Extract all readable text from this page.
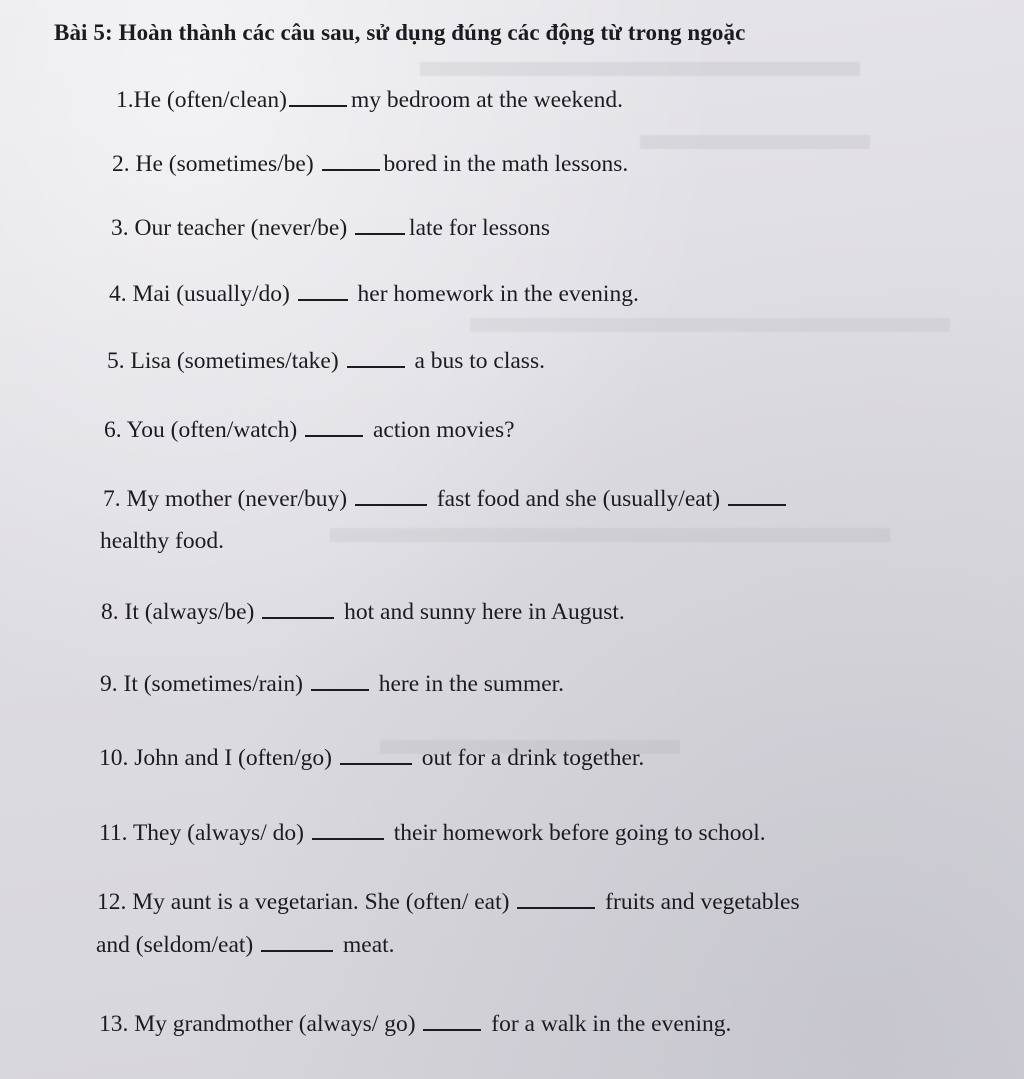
Bài 5: Hoàn thành các câu sau, sử dụng đúng các động từ trong ngoặc

1.He (often/clean)	my bedroom at the weekend.

2. He (sometimes/be)	bored in the math lessons.

3. Our teacher (never/be)	late for lessons

4. Mai (usually/do)	her homework in the evening.

5. Lisa (sometimes/take)	a bus to class.

6. You (often/watch)	action movies?

7. My mother (never/buy)	fast food and she (usually/eat)

healthy food.

8. It (always/be)	hot and sunny here in August.

9. It (sometimes/rain)	here in the summer.

10. John and I (often/go)	out for a drink together.

11. They (always/ do)	their homework before going to school.

12. My aunt is a vegetarian. She (often/ eat)	fruits and vegetables

and (seldom/eat)	meat.

13. My grandmother (always/ go)	for a walk in the evening.
